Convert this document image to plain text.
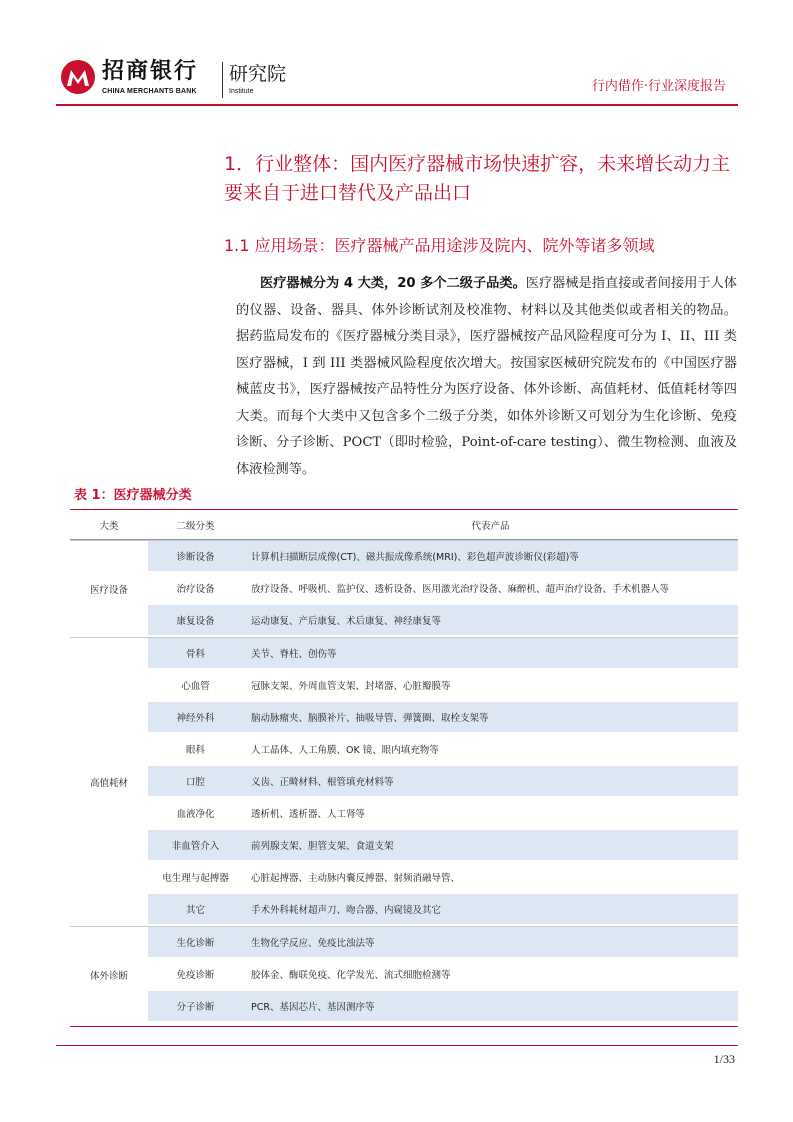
招商银行
CHINA MERCHANTS BANK
研究院
Institute	行内借作·行业深度报告
1．行业整体：国内医疗器械市场快速扩容，未来增长动力主要来自于进口替代及产品出口
1.1 应用场景：医疗器械产品用途涉及院内、院外等诸多领域
医疗器械分为 4 大类，20 多个二级子品类。医疗器械是指直接或者间接用于人体的仪器、设备、器具、体外诊断试剂及校准物、材料以及其他类似或者相关的物品。据药监局发布的《医疗器械分类目录》，医疗器械按产品风险程度可分为 I、II、III 类医疗器械，I 到 III 类器械风险程度依次增大。按国家医械研究院发布的《中国医疗器械蓝皮书》，医疗器械按产品特性分为医疗设备、体外诊断、高值耗材、低值耗材等四大类。而每个大类中又包含多个二级子分类，如体外诊断又可划分为生化诊断、免疫诊断、分子诊断、POCT（即时检验，Point-of-care testing）、微生物检测、血液及体液检测等。
表 1：医疗器械分类
大类	二级分类	代表产品
医疗设备
诊断设备	计算机扫描断层成像(CT)、磁共振成像系统(MRI)、彩色超声波诊断仪(彩超)等
治疗设备	放疗设备、呼吸机、监护仪、透析设备、医用激光治疗设备、麻醉机、超声治疗设备、手术机器人等
康复设备	运动康复、产后康复、术后康复、神经康复等
高值耗材
骨科	关节、脊柱、创伤等
心血管	冠脉支架、外周血管支架、封堵器、心脏瓣膜等
神经外科	脑动脉瘤夹、脑膜补片、抽吸导管、弹簧圈、取栓支架等
眼科	人工晶体、人工角膜、OK 镜、眼内填充物等
口腔	义齿、正畸材料、根管填充材料等
血液净化	透析机、透析器、人工肾等
非血管介入	前列腺支架、胆管支架、食道支架
电生理与起搏器	心脏起搏器、主动脉内囊反搏器、射频消融导管、
其它	手术外科耗材超声刀、吻合器、内窥镜及其它
体外诊断
生化诊断	生物化学反应、免疫比浊法等
免疫诊断	胶体金、酶联免疫、化学发光、流式细胞检测等
分子诊断	PCR、基因芯片、基因测序等
1/33
